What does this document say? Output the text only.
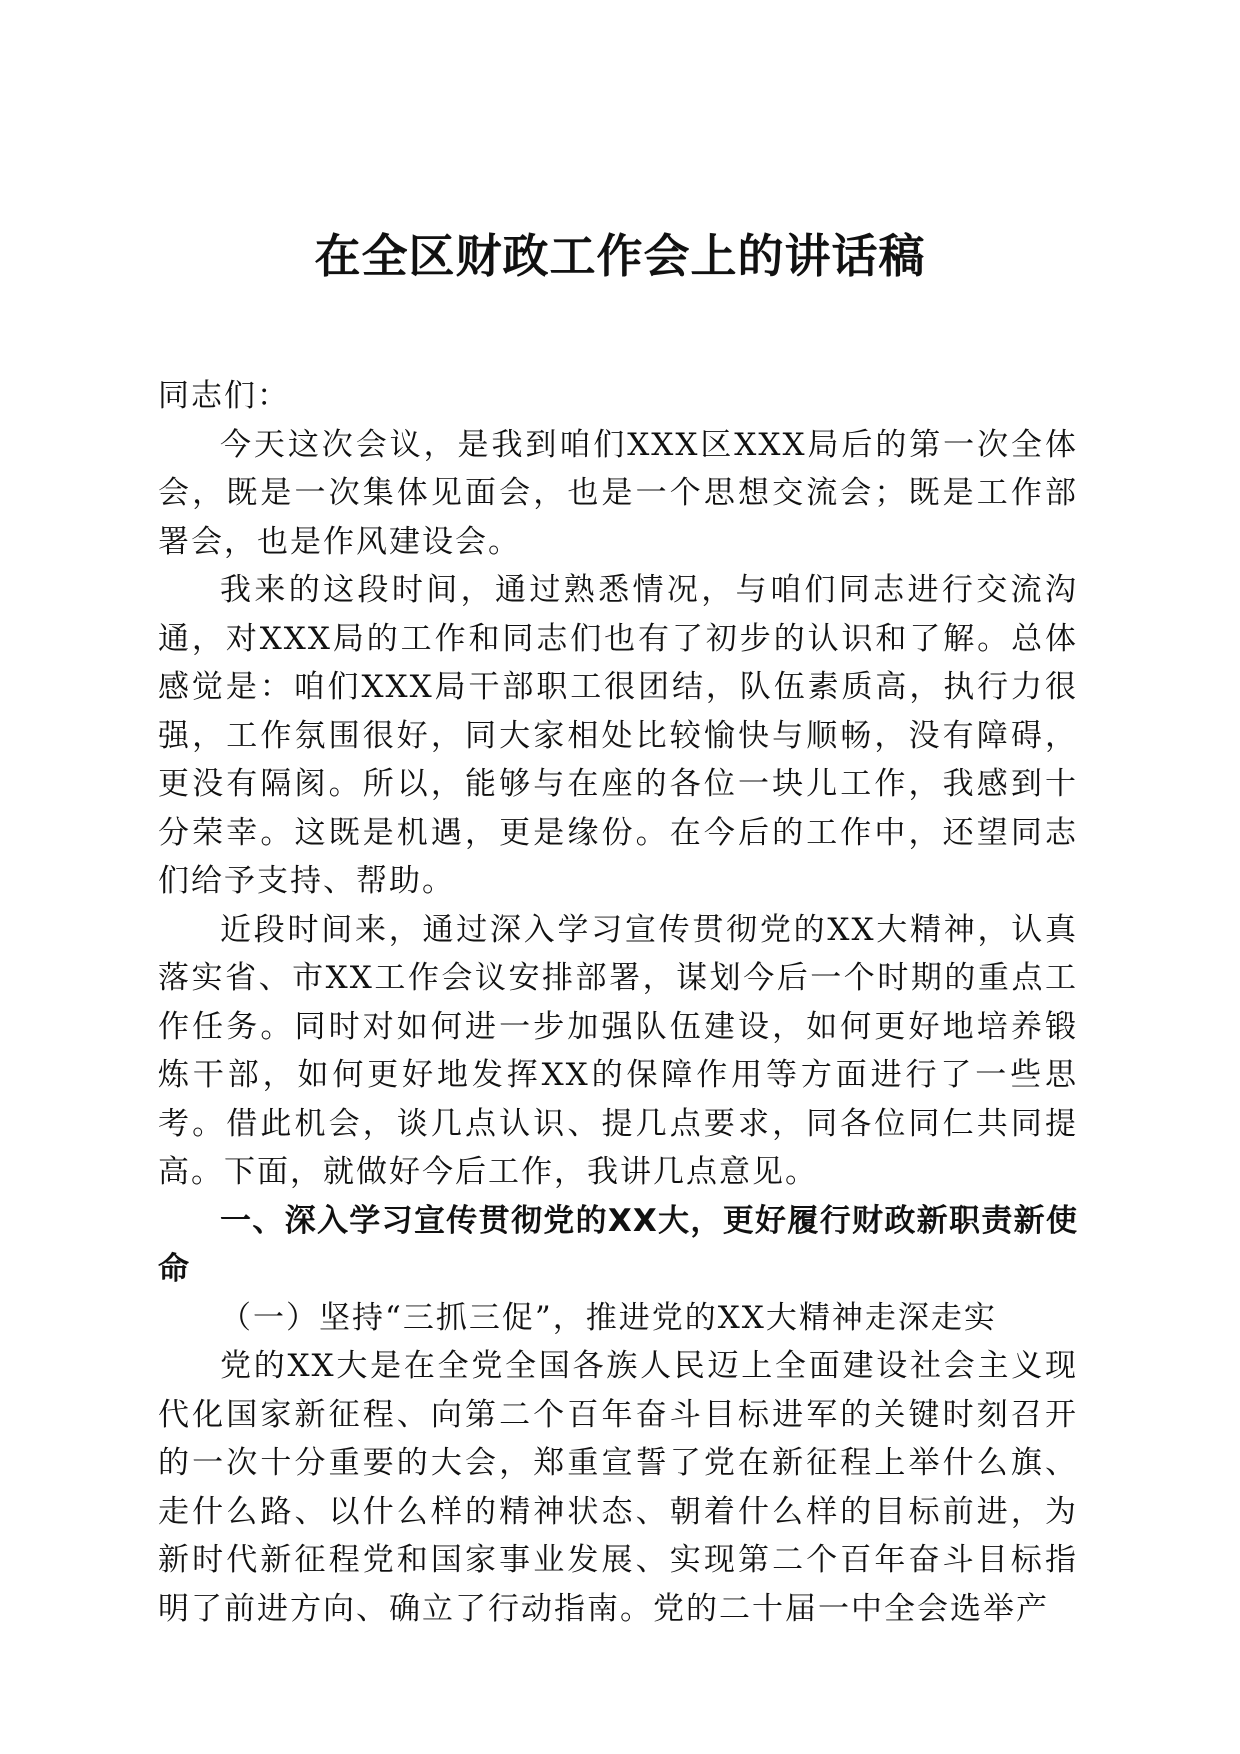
在全区财政工作会上的讲话稿

同志们：

今天这次会议，是我到咱们XXX区XXX局后的第一次全体会，既是一次集体见面会，也是一个思想交流会；既是工作部署会，也是作风建设会。

我来的这段时间，通过熟悉情况，与咱们同志进行交流沟通，对XXX局的工作和同志们也有了初步的认识和了解。总体感觉是：咱们XXX局干部职工很团结，队伍素质高，执行力很强，工作氛围很好，同大家相处比较愉快与顺畅，没有障碍，更没有隔阂。所以，能够与在座的各位一块儿工作，我感到十分荣幸。这既是机遇，更是缘份。在今后的工作中，还望同志们给予支持、帮助。

近段时间来，通过深入学习宣传贯彻党的XX大精神，认真落实省、市XX工作会议安排部署，谋划今后一个时期的重点工作任务。同时对如何进一步加强队伍建设，如何更好地培养锻炼干部，如何更好地发挥XX的保障作用等方面进行了一些思考。借此机会，谈几点认识、提几点要求，同各位同仁共同提高。下面，就做好今后工作，我讲几点意见。

一、深入学习宣传贯彻党的XX大，更好履行财政新职责新使命

（一）坚持“三抓三促”，推进党的XX大精神走深走实

党的XX大是在全党全国各族人民迈上全面建设社会主义现代化国家新征程、向第二个百年奋斗目标进军的关键时刻召开的一次十分重要的大会，郑重宣誓了党在新征程上举什么旗、走什么路、以什么样的精神状态、朝着什么样的目标前进，为新时代新征程党和国家事业发展、实现第二个百年奋斗目标指明了前进方向、确立了行动指南。党的二十届一中全会选举产
